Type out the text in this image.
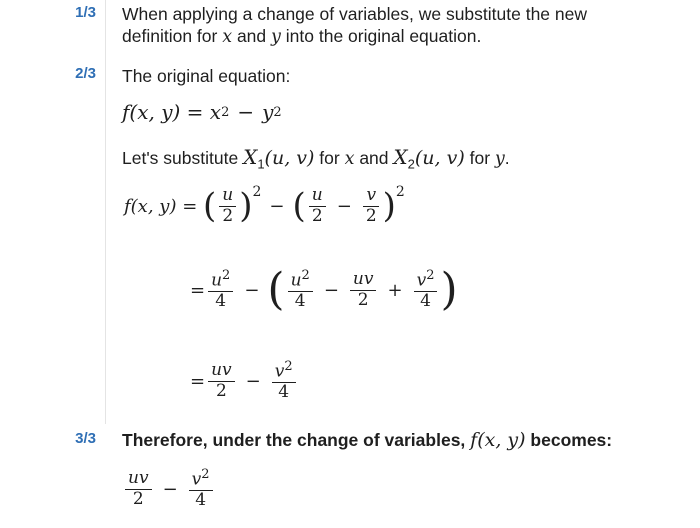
1/3
2/3
3/3
When applying a change of variables, we substitute the new
definition for x and y into the original equation.
The original equation:
f(x, y) =
x 2 − y 2
Let's substitute $X_1(u$, v) for x and $X_2(u$, v) for y.
f(x, y) =
( $\frac{u}{2}$ ) 2
− ( $\frac{u}{2} - \frac{v}{2}$ ) 2
= $\frac{u^2}{4}$ − ( $\frac{u^2}{4} - \frac{uv}{2} + \frac{v^2}{4}$ )
= $\frac{uv}{2} - \frac{v^2}{4}$
Therefore, under the change of variables, f(x, y) becomes:
$\frac{uv}{2} - \frac{v^2}{4}$
